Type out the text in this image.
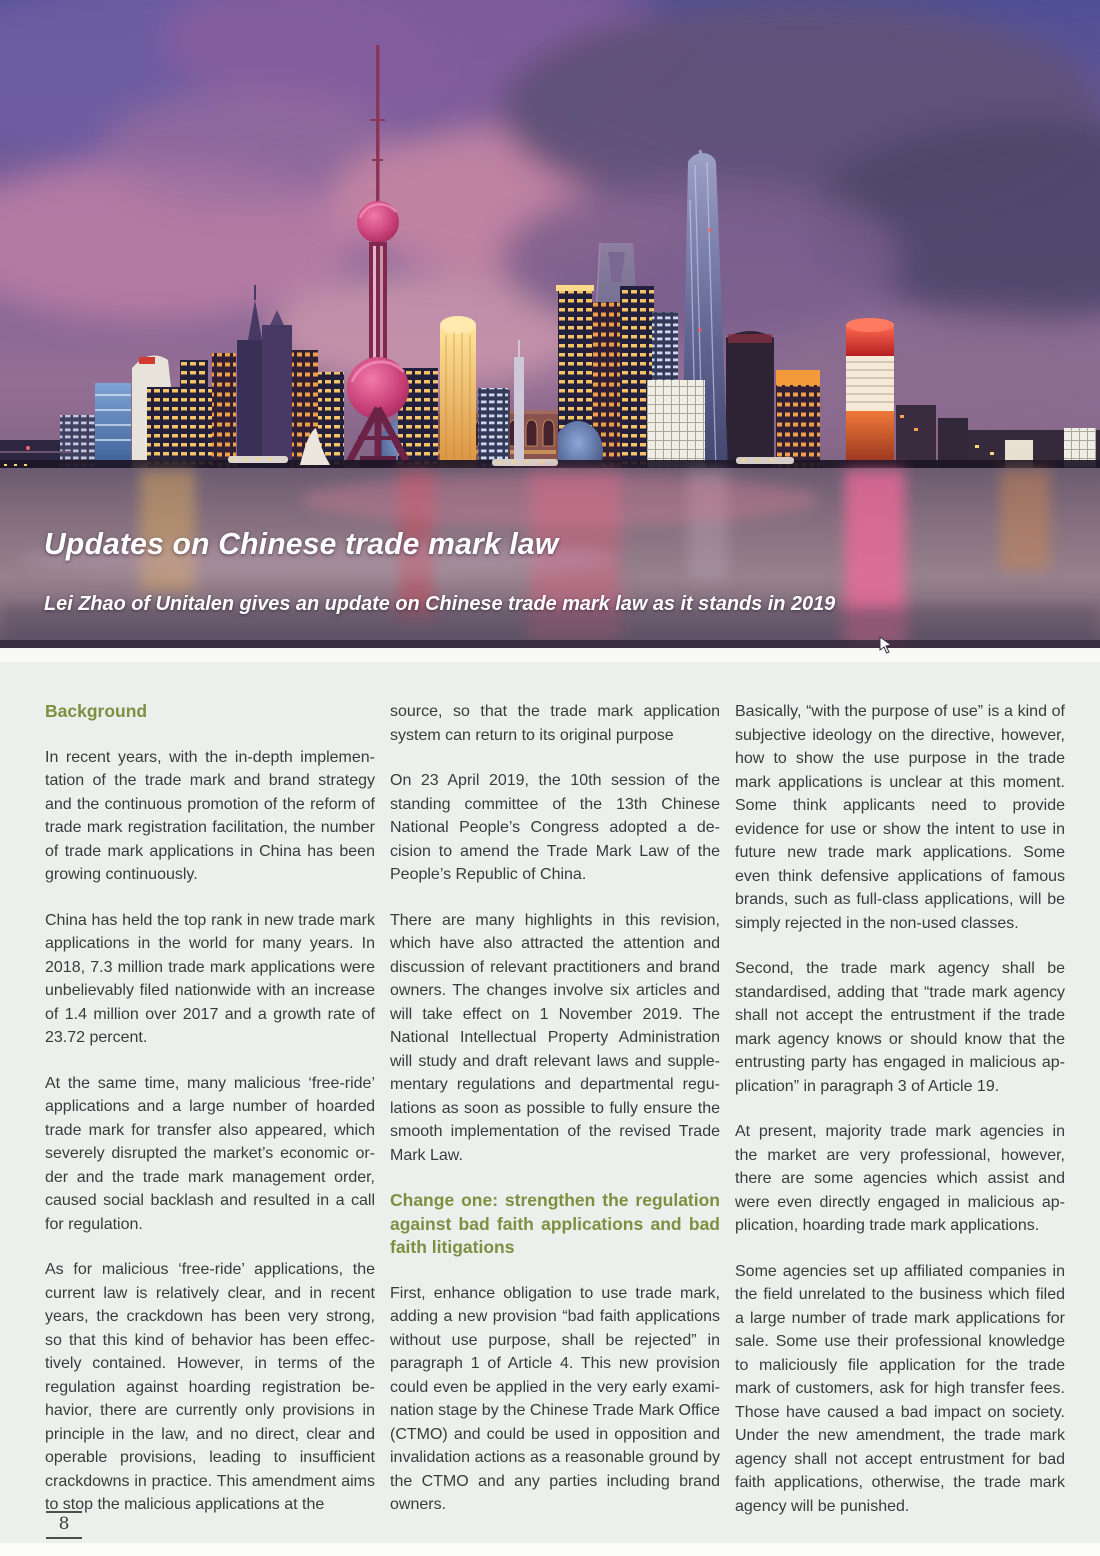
Updates on Chinese trade mark law

Lei Zhao of Unitalen gives an update on Chinese trade mark law as it stands in 2019

Background

In recent years, with the in-depth implementation of the trade mark and brand strategy and the continuous promotion of the reform of trade mark registration facilitation, the number of trade mark applications in China has been growing continuously.

China has held the top rank in new trade mark applications in the world for many years. In 2018, 7.3 million trade mark applications were unbelievably filed nationwide with an increase of 1.4 million over 2017 and a growth rate of 23.72 percent.

At the same time, many malicious ‘free-ride’ applications and a large number of hoarded trade mark for transfer also appeared, which severely disrupted the market’s economic order and the trade mark management order, caused social backlash and resulted in a call for regulation.

As for malicious ‘free-ride’ applications, the current law is relatively clear, and in recent years, the crackdown has been very strong, so that this kind of behavior has been effectively contained. However, in terms of the regulation against hoarding registration behavior, there are currently only provisions in principle in the law, and no direct, clear and operable provisions, leading to insufficient crackdowns in practice. This amendment aims to stop the malicious applications at the

source, so that the trade mark application system can return to its original purpose

On 23 April 2019, the 10th session of the standing committee of the 13th Chinese National People’s Congress adopted a decision to amend the Trade Mark Law of the People’s Republic of China.

There are many highlights in this revision, which have also attracted the attention and discussion of relevant practitioners and brand owners. The changes involve six articles and will take effect on 1 November 2019. The National Intellectual Property Administration will study and draft relevant laws and supplementary regulations and departmental regulations as soon as possible to fully ensure the smooth implementation of the revised Trade Mark Law.

Change one: strengthen the regulation against bad faith applications and bad faith litigations

First, enhance obligation to use trade mark, adding a new provision “bad faith applications without use purpose, shall be rejected” in paragraph 1 of Article 4. This new provision could even be applied in the very early examination stage by the Chinese Trade Mark Office (CTMO) and could be used in opposition and invalidation actions as a reasonable ground by the CTMO and any parties including brand owners.

Basically, “with the purpose of use” is a kind of subjective ideology on the directive, however, how to show the use purpose in the trade mark applications is unclear at this moment. Some think applicants need to provide evidence for use or show the intent to use in future new trade mark applications. Some even think defensive applications of famous brands, such as full-class applications, will be simply rejected in the non-used classes.

Second, the trade mark agency shall be standardised, adding that “trade mark agency shall not accept the entrustment if the trade mark agency knows or should know that the entrusting party has engaged in malicious application” in paragraph 3 of Article 19.

At present, majority trade mark agencies in the market are very professional, however, there are some agencies which assist and were even directly engaged in malicious application, hoarding trade mark applications.

Some agencies set up affiliated companies in the field unrelated to the business which filed a large number of trade mark applications for sale. Some use their professional knowledge to maliciously file application for the trade mark of customers, ask for high transfer fees. Those have caused a bad impact on society. Under the new amendment, the trade mark agency shall not accept entrustment for bad faith applications, otherwise, the trade mark agency will be punished.

8
